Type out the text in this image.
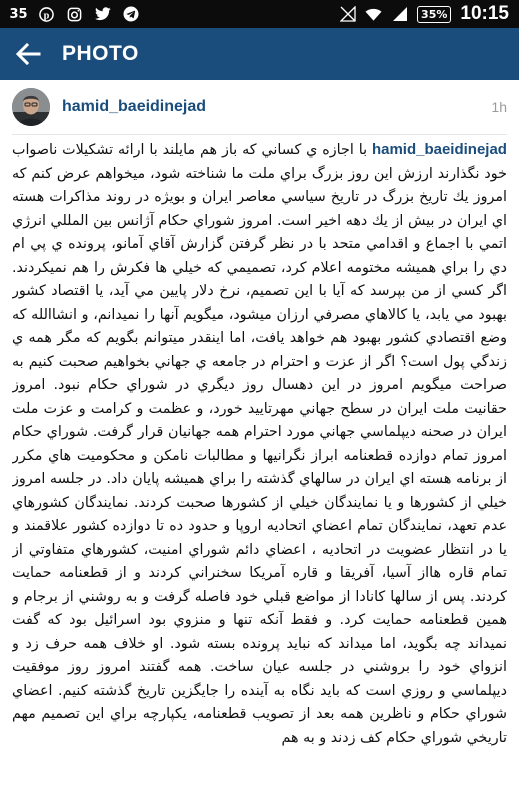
35 p	35% 10:15
PHOTO
hamid_baeidinejad	1h
hamid_baeidinejad با اجازه ي كساني كه باز هم مايلند با ارائه تشكيلات ناصواب خود نگذارند ارزش اين روز بزرگ براي ملت ما شناخته شود، ميخواهم عرض كنم كه امروز يك تاريخ بزرگ در تاريخ سياسي معاصر ايران و بويژه در روند مذاكرات هسته اي ايران در بيش از يك دهه اخير است. امروز شوراي حكام آژانس بين المللي انرژي اتمي با اجماع و اقدامي متحد با در نظر گرفتن گزارش آقاي آمانو، پرونده ي پي ام دي را براي هميشه مختومه اعلام كرد، تصميمي كه خيلي ها فكرش را هم نميكردند. اگر كسي از من بپرسد كه آيا با اين تصميم، نرخ دلار پايين مي آيد، يا اقتصاد كشور بهبود مي يابد، يا كالاهاي مصرفي ارزان ميشود، ميگويم آنها را نميدانم، و انشاالله كه وضع اقتصادي كشور بهبود هم خواهد يافت، اما اينقدر ميتوانم بگويم كه مگر همه ي زندگي پول است؟ اگر از عزت و احترام در جامعه ي جهاني بخواهيم صحبت كنيم به صراحت ميگويم امروز در اين دهسال روز ديگري در شوراي حكام نبود. امروز حقانيت ملت ايران در سطح جهاني مهرتاييد خورد، و عظمت و كرامت و عزت ملت ايران در صحنه ديپلماسي جهاني مورد احترام همه جهانيان قرار گرفت. شوراي حكام امروز تمام دوازده قطعنامه ابراز نگرانيها و مطالبات نامكن و محكوميت هاي مكرر از برنامه هسته اي ايران در سالهاي گذشته را براي هميشه پايان داد. در جلسه امروز خيلي از كشورها و يا نمايندگان خيلي از كشورها صحبت كردند. نمايندگان كشورهاي عدم تعهد، نمايندگان تمام اعضاي اتحاديه اروپا و حدود ده تا دوازده كشور علاقمند و يا در انتظار عضويت در اتحاديه ، اعضاي دائم شوراي امنيت، كشورهاي متفاوتي از تمام قاره هااز آسيا، آفريقا و قاره آمريكا سخنراني كردند و از قطعنامه حمايت كردند. پس از سالها كانادا از مواضع قبلي خود فاصله گرفت و به روشني از برجام و همين قطعنامه حمايت كرد. و فقط آنكه تنها و منزوي بود اسرائيل بود كه گفت نميداند چه بگويد، اما ميداند كه نبايد پرونده بسته شود. او خلاف همه حرف زد و انزواي خود را بروشني در جلسه عيان ساخت. همه گفتند امروز روز موفقيت ديپلماسي و روزي است كه بايد نگاه به آينده را جايگزين تاريخ گذشته كنيم. اعضاي شوراي حكام و ناظرين همه بعد از تصويب قطعنامه، يكپارچه براي اين تصميم مهم تاريخي شوراي حكام كف زدند و به هم
